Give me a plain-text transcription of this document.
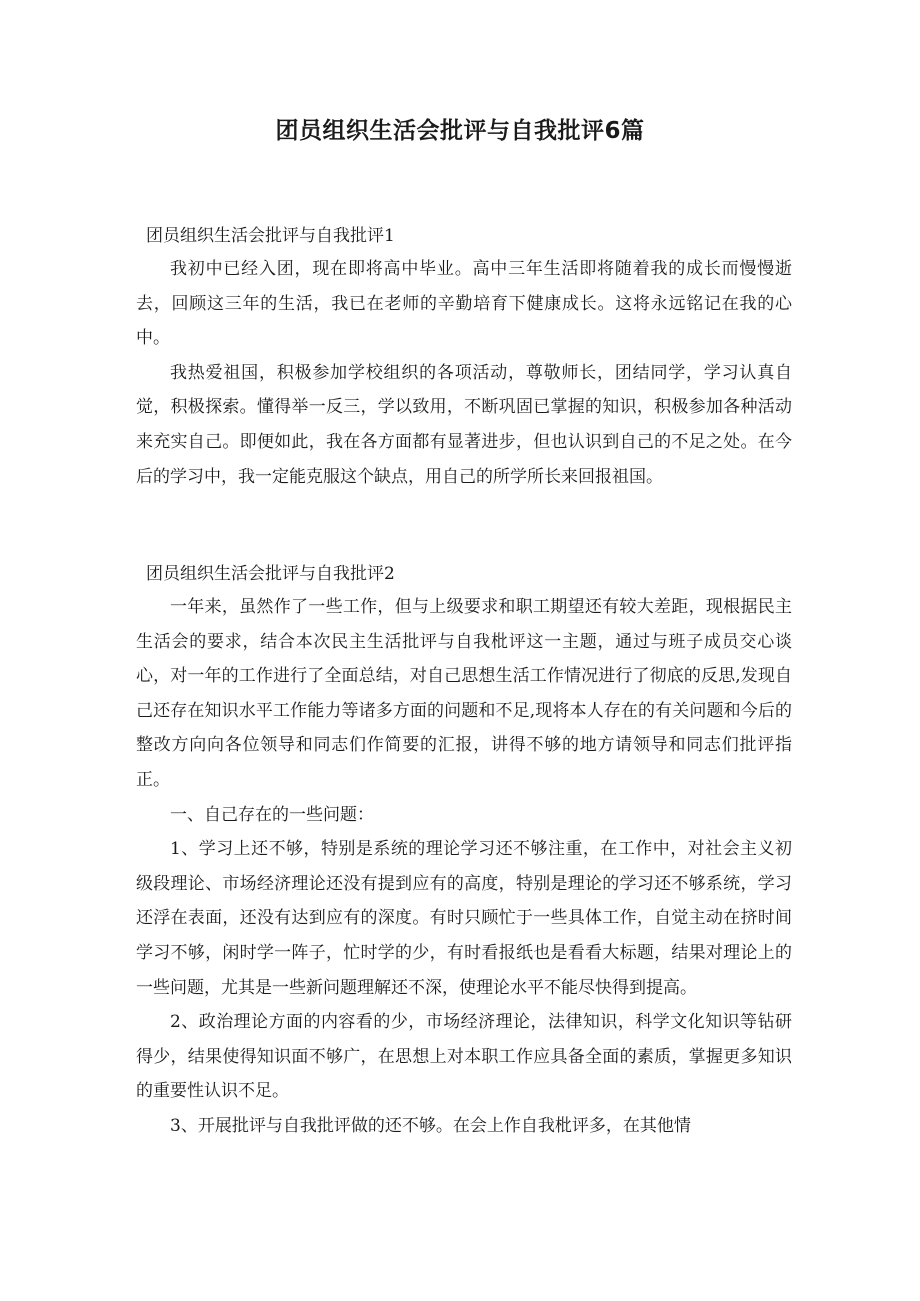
团员组织生活会批评与自我批评6篇

团员组织生活会批评与自我批评1

我初中已经入团，现在即将高中毕业。高中三年生活即将随着我的成长而慢慢逝去，回顾这三年的生活，我已在老师的辛勤培育下健康成长。这将永远铭记在我的心中。

我热爱祖国，积极参加学校组织的各项活动，尊敬师长，团结同学，学习认真自觉，积极探索。懂得举一反三，学以致用，不断巩固已掌握的知识，积极参加各种活动来充实自己。即便如此，我在各方面都有显著进步，但也认识到自己的不足之处。在今后的学习中，我一定能克服这个缺点，用自己的所学所长来回报祖国。

团员组织生活会批评与自我批评2

一年来，虽然作了一些工作，但与上级要求和职工期望还有较大差距，现根据民主生活会的要求，结合本次民主生活批评与自我枇评这一主题，通过与班子成员交心谈心，对一年的工作进行了全面总结，对自己思想生活工作情况进行了彻底的反思,发现自己还存在知识水平工作能力等诸多方面的问题和不足,现将本人存在的有关问题和今后的整改方向向各位领导和同志们作简要的汇报，讲得不够的地方请领导和同志们批评指正。

一、自己存在的一些问题：

1、学习上还不够，特别是系统的理论学习还不够注重，在工作中，对社会主义初级段理论、市场经济理论还没有提到应有的高度，特别是理论的学习还不够系统，学习还浮在表面，还没有达到应有的深度。有时只顾忙于一些具体工作，自觉主动在挤时间学习不够，闲时学一阵子，忙时学的少，有时看报纸也是看看大标题，结果对理论上的一些问题，尤其是一些新问题理解还不深，使理论水平不能尽快得到提高。

2、政治理论方面的内容看的少，市场经济理论，法律知识，科学文化知识等钻研得少，结果使得知识面不够广，在思想上对本职工作应具备全面的素质，掌握更多知识的重要性认识不足。

3、开展批评与自我批评做的还不够。在会上作自我枇评多，在其他情
